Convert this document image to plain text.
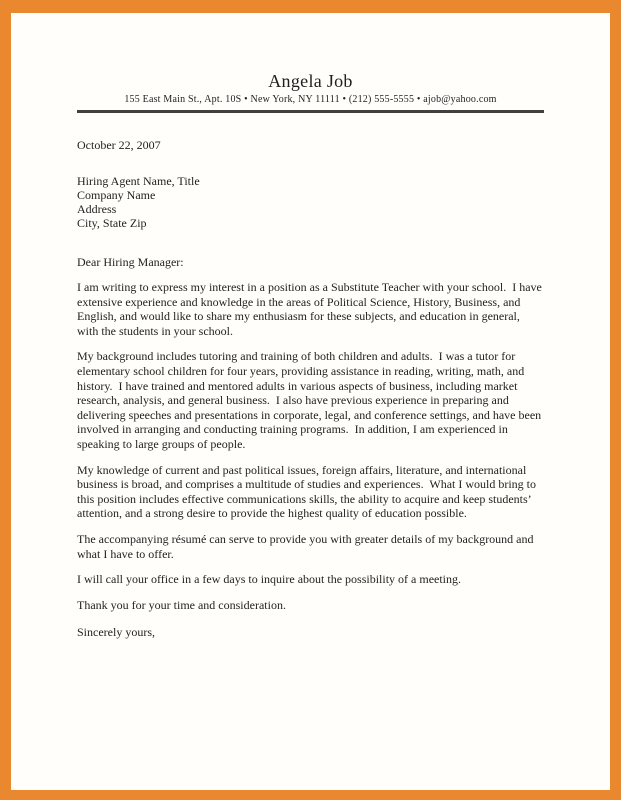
Angela Job
155 East Main St., Apt. 10S • New York, NY 11111 • (212) 555-5555 • ajob@yahoo.com
October 22, 2007
Hiring Agent Name, Title
Company Name
Address
City, State Zip
Dear Hiring Manager:

I am writing to express my interest in a position as a Substitute Teacher with your school.  I have extensive experience and knowledge in the areas of Political Science, History, Business, and English, and would like to share my enthusiasm for these subjects, and education in general, with the students in your school.

My background includes tutoring and training of both children and adults.  I was a tutor for elementary school children for four years, providing assistance in reading, writing, math, and history.  I have trained and mentored adults in various aspects of business, including market research, analysis, and general business.  I also have previous experience in preparing and delivering speeches and presentations in corporate, legal, and conference settings, and have been involved in arranging and conducting training programs.  In addition, I am experienced in speaking to large groups of people.

My knowledge of current and past political issues, foreign affairs, literature, and international business is broad, and comprises a multitude of studies and experiences.  What I would bring to this position includes effective communications skills, the ability to acquire and keep students’ attention, and a strong desire to provide the highest quality of education possible.

The accompanying résumé can serve to provide you with greater details of my background and what I have to offer.

I will call your office in a few days to inquire about the possibility of a meeting.

Thank you for your time and consideration.

Sincerely yours,
